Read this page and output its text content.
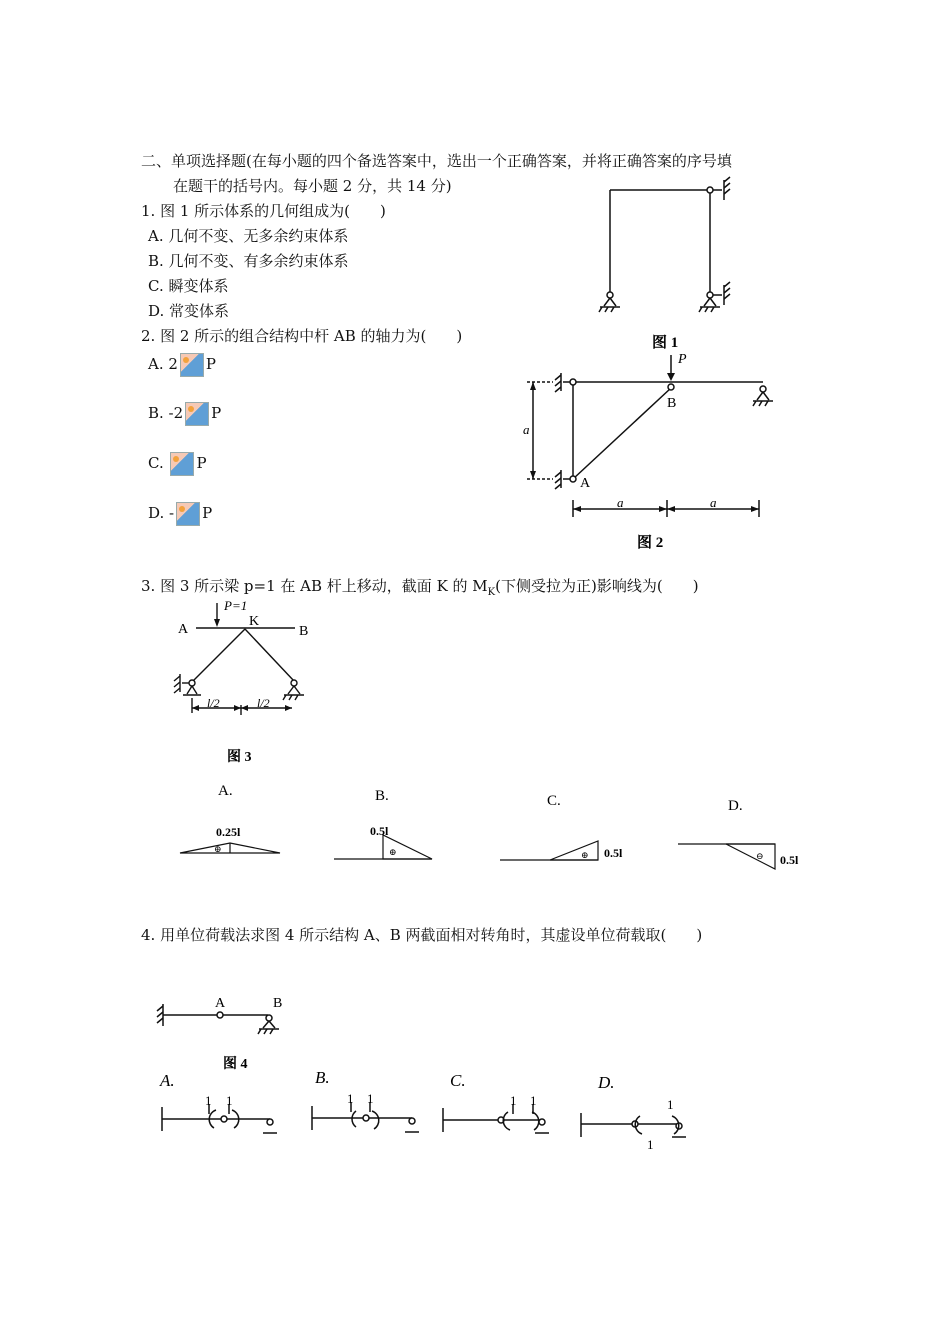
二、单项选择题(在每小题的四个备选答案中，选出一个正确答案，并将正确答案的序号填
在题干的括号内。每小题 2 分，共 14 分)
1. 图 1 所示体系的几何组成为(　　)
A. 几何不变、无多余约束体系
B. 几何不变、有多余约束体系
C. 瞬变体系
D. 常变体系
图 1
2. 图 2 所示的组合结构中杆 AB 的轴力为(　　)
A. 2 P
B. -2 P
C. P
D. - P
P
B
A
a
a	a
图 2
3. 图 3 所示梁 p=1 在 AB 杆上移动，截面 K 的 $M_K$(下侧受拉为正)影响线为(　　)
P=1
A
K
B
l/2	l/2
图 3
A.	B.	C.	D.
0.25l	0.5l
0.5l	0.5l
⊕	⊕	⊕	⊖
4. 用单位荷载法求图 4 所示结构 A、B 两截面相对转角时，其虚设单位荷载取(　　)
A	B
图 4
A.	B.	C.	D.
1 1	1 1	1 1	1
1
